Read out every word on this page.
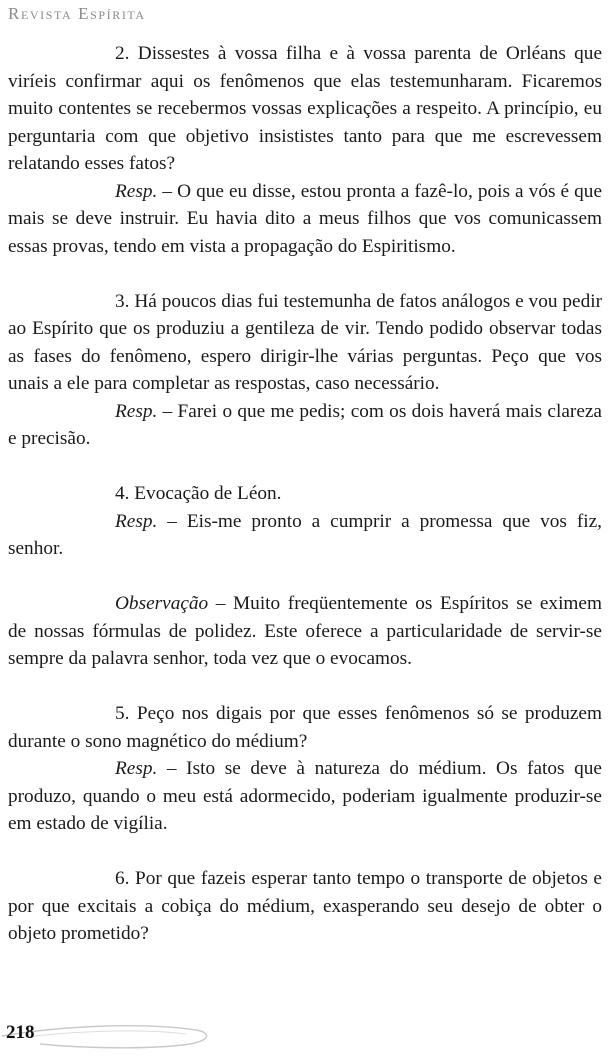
Revista Espírita

2. Dissestes à vossa filha e à vossa parenta de Orléans que viríeis confirmar aqui os fenômenos que elas testemunharam. Ficaremos muito contentes se recebermos vossas explicações a respeito. A princípio, eu perguntaria com que objetivo insististes tanto para que me escrevessem relatando esses fatos?

Resp. – O que eu disse, estou pronta a fazê-lo, pois a vós é que mais se deve instruir. Eu havia dito a meus filhos que vos comunicassem essas provas, tendo em vista a propagação do Espiritismo.

3. Há poucos dias fui testemunha de fatos análogos e vou pedir ao Espírito que os produziu a gentileza de vir. Tendo podido observar todas as fases do fenômeno, espero dirigir-lhe várias perguntas. Peço que vos unais a ele para completar as respostas, caso necessário.

Resp. – Farei o que me pedis; com os dois haverá mais clareza e precisão.

4. Evocação de Léon.

Resp. – Eis-me pronto a cumprir a promessa que vos fiz, senhor.

Observação – Muito freqüentemente os Espíritos se eximem de nossas fórmulas de polidez. Este oferece a particularidade de servir-se sempre da palavra senhor, toda vez que o evocamos.

5. Peço nos digais por que esses fenômenos só se produzem durante o sono magnético do médium?

Resp. – Isto se deve à natureza do médium. Os fatos que produzo, quando o meu está adormecido, poderiam igualmente produzir-se em estado de vigília.

6. Por que fazeis esperar tanto tempo o transporte de objetos e por que excitais a cobiça do médium, exasperando seu desejo de obter o objeto prometido?

218
